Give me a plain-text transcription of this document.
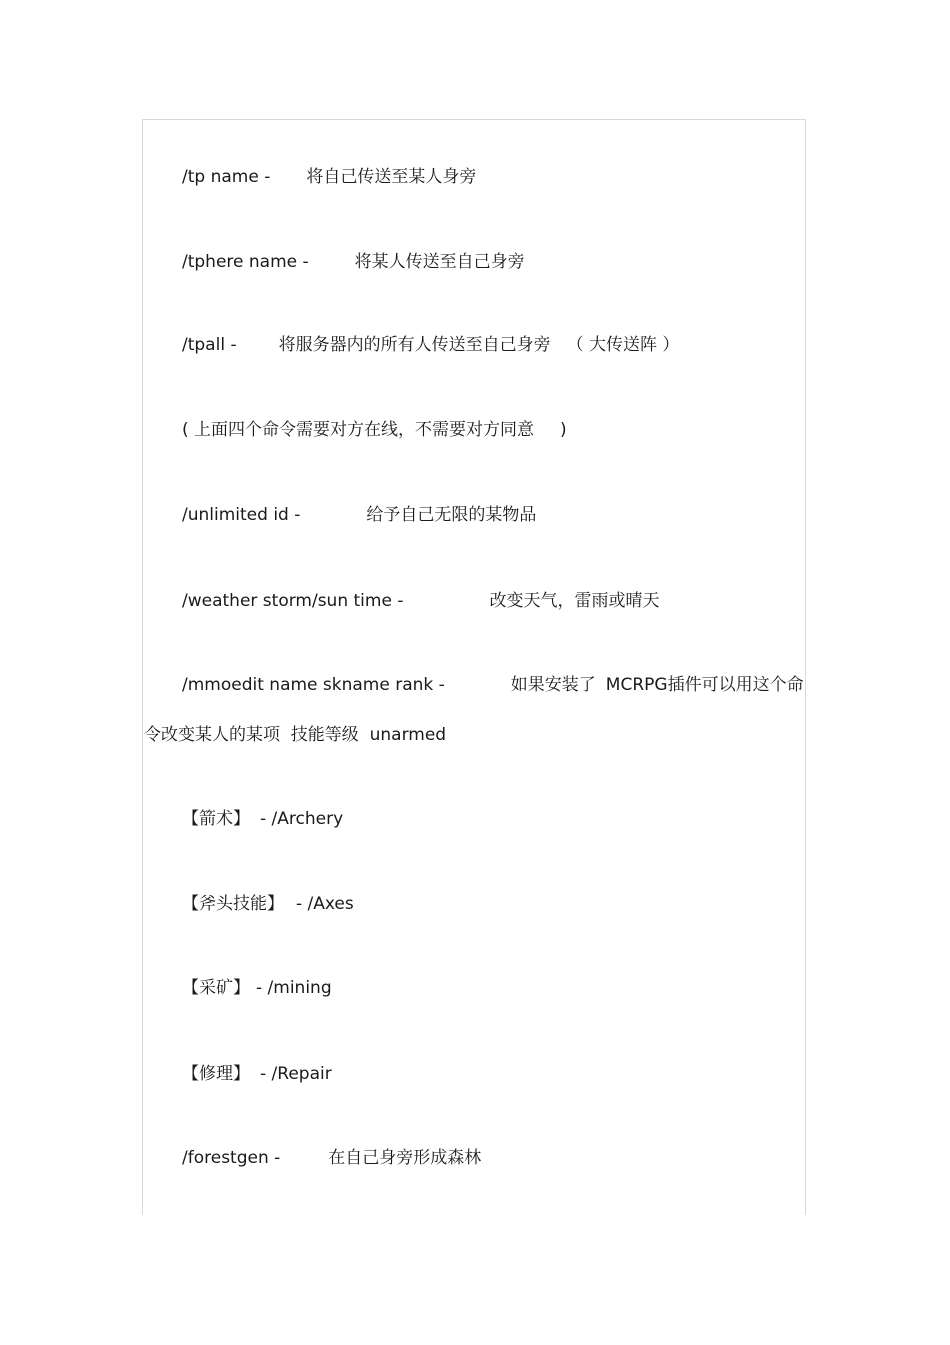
/tp name - 将自己传送至某人身旁
/tphere name -	将某人传送至自己身旁
/tpall - 将服务器内的所有人传送至自己身旁 （ 大传送阵 ）
( 上面四个命令需要对方在线，不需要对方同意 )
/unlimited id -	给予自己无限的某物品
/weather storm/sun time -	改变天气，雷雨或晴天
/mmoedit name skname rank -	如果安装了 MCRPG插件可以用这个命
令改变某人的某项  技能等级  unarmed
【箭术】 - /Archery
【斧头技能】 - /Axes
【采矿】 - /mining
【修理】 - /Repair
/forestgen -	在自己身旁形成森林
